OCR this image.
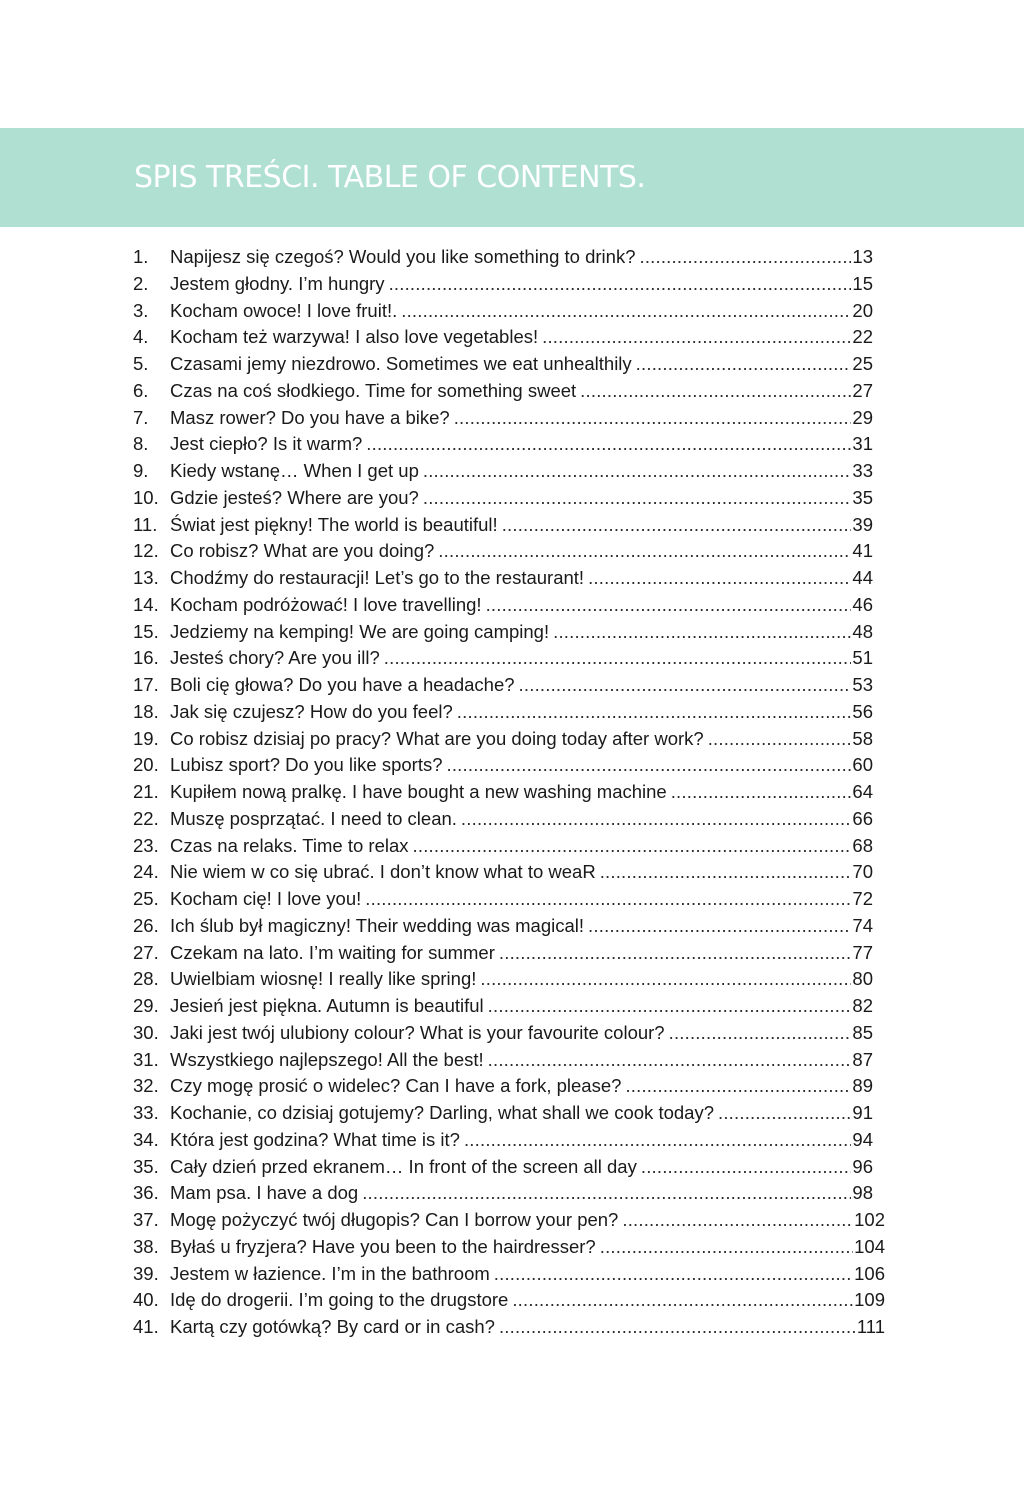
SPIS TREŚCI. TABLE OF CONTENTS.
1.	Napijesz się czegoś? Would you like something to drink? .....	13
2.	Jestem głodny. I’m hungry .....	15
3.	Kocham owoce! I love fruit!. .....	20
4.	Kocham też warzywa! I also love vegetables! .....	22
5.	Czasami jemy niezdrowo. Sometimes we eat unhealthily .....	25
6.	Czas na coś słodkiego. Time for something sweet .....	27
7.	Masz rower? Do you have a bike? .....	29
8.	Jest ciepło? Is it warm? .....	31
9.	Kiedy wstanę… When I get up .....	33
10. Gdzie jesteś? Where are you? .....	35
11. Świat jest piękny! The world is beautiful! .....	39
12. Co robisz? What are you doing? .....	41
13. Chodźmy do restauracji! Let’s go to the restaurant! .....	44
14. Kocham podróżować! I love travelling! .....	46
15. Jedziemy na kemping! We are going camping! .....	48
16. Jesteś chory? Are you ill? .....	51
17. Boli cię głowa? Do you have a headache? .....	53
18. Jak się czujesz? How do you feel? .....	56
19. Co robisz dzisiaj po pracy? What are you doing today after work? .....	58
20. Lubisz sport? Do you like sports? .....	60
21. Kupiłem nową pralkę. I have bought a new washing machine .....	64
22. Muszę posprzątać. I need to clean. .....	66
23. Czas na relaks. Time to relax .....	68
24. Nie wiem w co się ubrać. I don’t know what to weaR .....	70
25. Kocham cię! I love you! .....	72
26. Ich ślub był magiczny! Their wedding was magical! .....	74
27. Czekam na lato. I’m waiting for summer .....	77
28. Uwielbiam wiosnę! I really like spring! .....	80
29. Jesień jest piękna. Autumn is beautiful .....	82
30. Jaki jest twój ulubiony colour? What is your favourite colour? .....	85
31. Wszystkiego najlepszego! All the best! .....	87
32. Czy mogę prosić o widelec? Can I have a fork, please? .....	89
33. Kochanie, co dzisiaj gotujemy? Darling, what shall we cook today? .....	91
34. Która jest godzina? What time is it? .....	94
35. Cały dzień przed ekranem… In front of the screen all day .....	96
36. Mam psa. I have a dog .....	98
37. Mogę pożyczyć twój długopis? Can I borrow your pen? .....	102
38. Byłaś u fryzjera? Have you been to the hairdresser? .....	104
39. Jestem w łazience. I’m in the bathroom .....	106
40. Idę do drogerii. I’m going to the drugstore .....	109
41. Kartą czy gotówką? By card or in cash? .....	111
